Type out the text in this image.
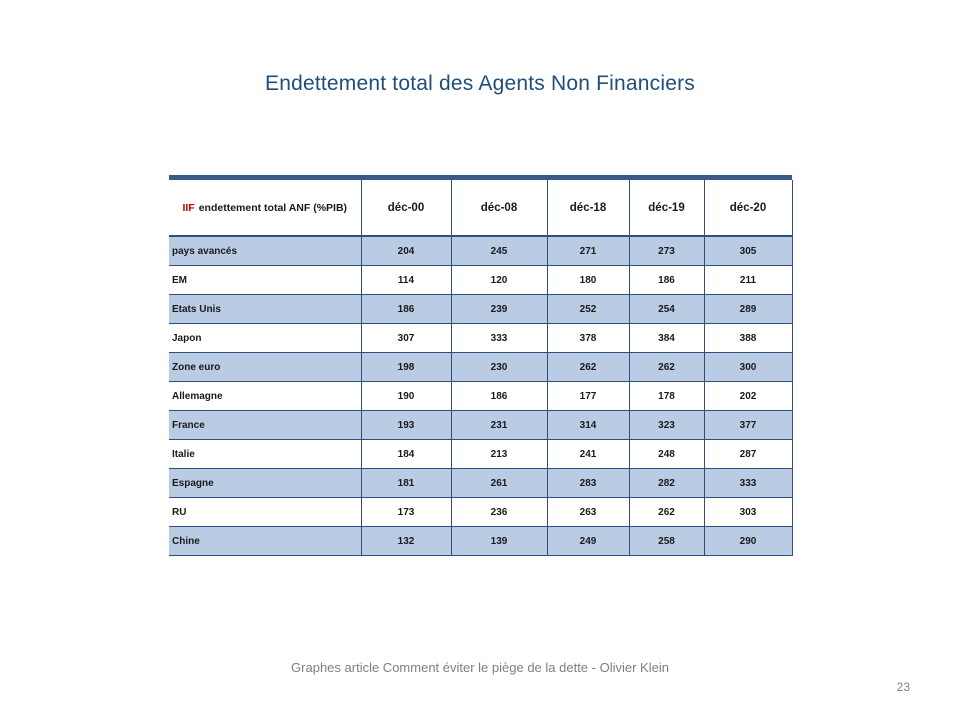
Endettement total des Agents Non Financiers
IIF endettement total ANF (%PIB)	déc-00	déc-08	déc-18	déc-19	déc-20
pays avancés	204	245	271	273	305
EM	114	120	180	186	211
Etats Unis	186	239	252	254	289
Japon	307	333	378	384	388
Zone euro	198	230	262	262	300
Allemagne	190	186	177	178	202
France	193	231	314	323	377
Italie	184	213	241	248	287
Espagne	181	261	283	282	333
RU	173	236	263	262	303
Chine	132	139	249	258	290
Graphes article Comment éviter le piège de la dette - Olivier Klein
23
